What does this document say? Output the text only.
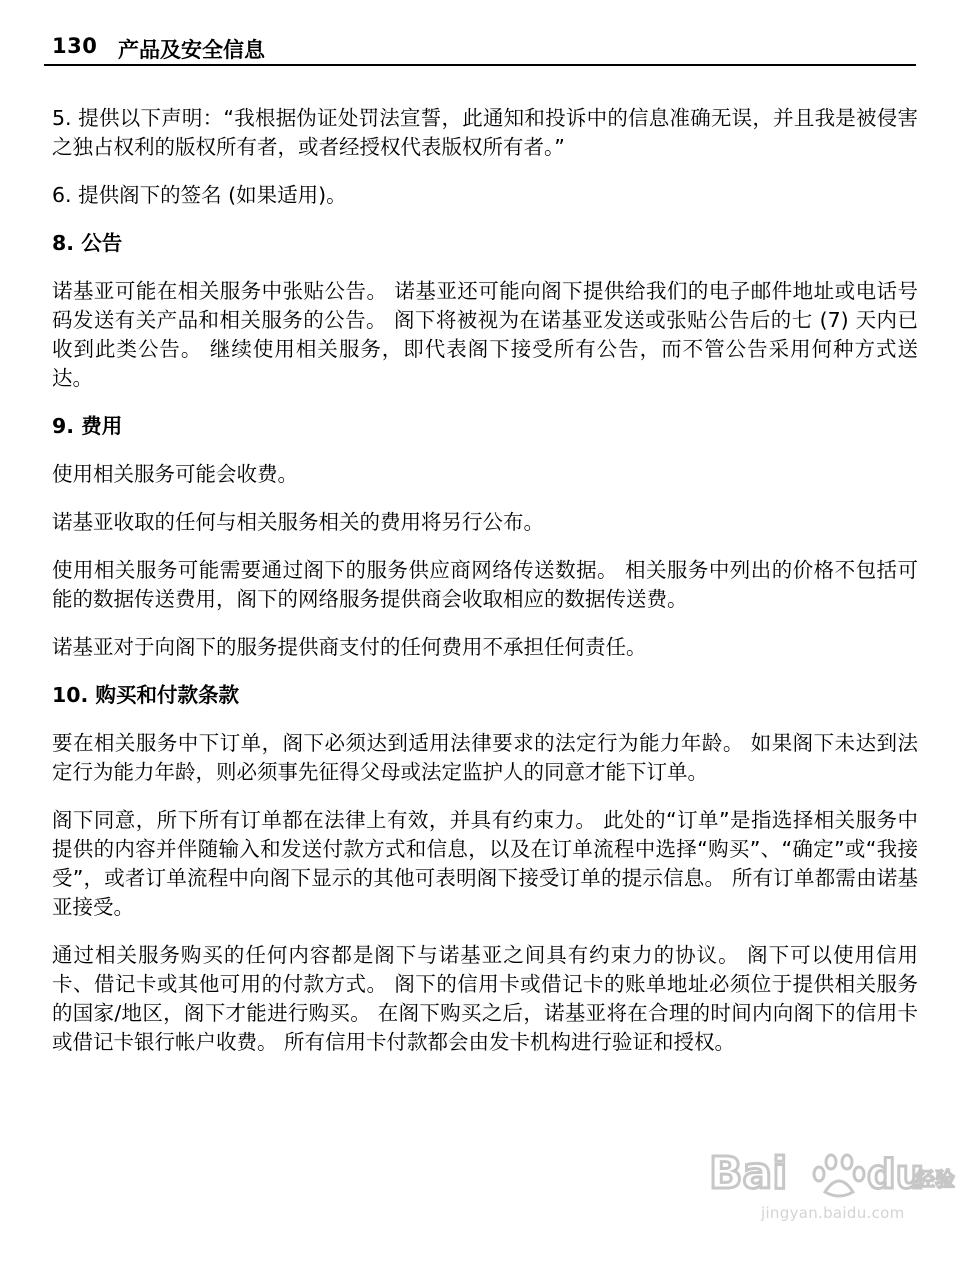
130 产品及安全信息

5. 提供以下声明：“我根据伪证处罚法宣誓，此通知和投诉中的信息准确无误，并且我是被侵害之独占权利的版权所有者，或者经授权代表版权所有者。”

6. 提供阁下的签名 (如果适用)。

8. 公告

诺基亚可能在相关服务中张贴公告。 诺基亚还可能向阁下提供给我们的电子邮件地址或电话号码发送有关产品和相关服务的公告。 阁下将被视为在诺基亚发送或张贴公告后的七 (7) 天内已收到此类公告。 继续使用相关服务，即代表阁下接受所有公告，而不管公告采用何种方式送达。

9. 费用

使用相关服务可能会收费。

诺基亚收取的任何与相关服务相关的费用将另行公布。

使用相关服务可能需要通过阁下的服务供应商网络传送数据。 相关服务中列出的价格不包括可能的数据传送费用，阁下的网络服务提供商会收取相应的数据传送费。

诺基亚对于向阁下的服务提供商支付的任何费用不承担任何责任。

10. 购买和付款条款

要在相关服务中下订单，阁下必须达到适用法律要求的法定行为能力年龄。 如果阁下未达到法定行为能力年龄，则必须事先征得父母或法定监护人的同意才能下订单。

阁下同意，所下所有订单都在法律上有效，并具有约束力。 此处的“订单”是指选择相关服务中提供的内容并伴随输入和发送付款方式和信息，以及在订单流程中选择“购买”、“确定”或“我接受”，或者订单流程中向阁下显示的其他可表明阁下接受订单的提示信息。 所有订单都需由诺基亚接受。

通过相关服务购买的任何内容都是阁下与诺基亚之间具有约束力的协议。 阁下可以使用信用卡、借记卡或其他可用的付款方式。 阁下的信用卡或借记卡的账单地址必须位于提供相关服务的国家/地区，阁下才能进行购买。 在阁下购买之后，诺基亚将在合理的时间内向阁下的信用卡或借记卡银行帐户收费。 所有信用卡付款都会由发卡机构进行验证和授权。

Bai du
经验
jingyan.baidu.com
